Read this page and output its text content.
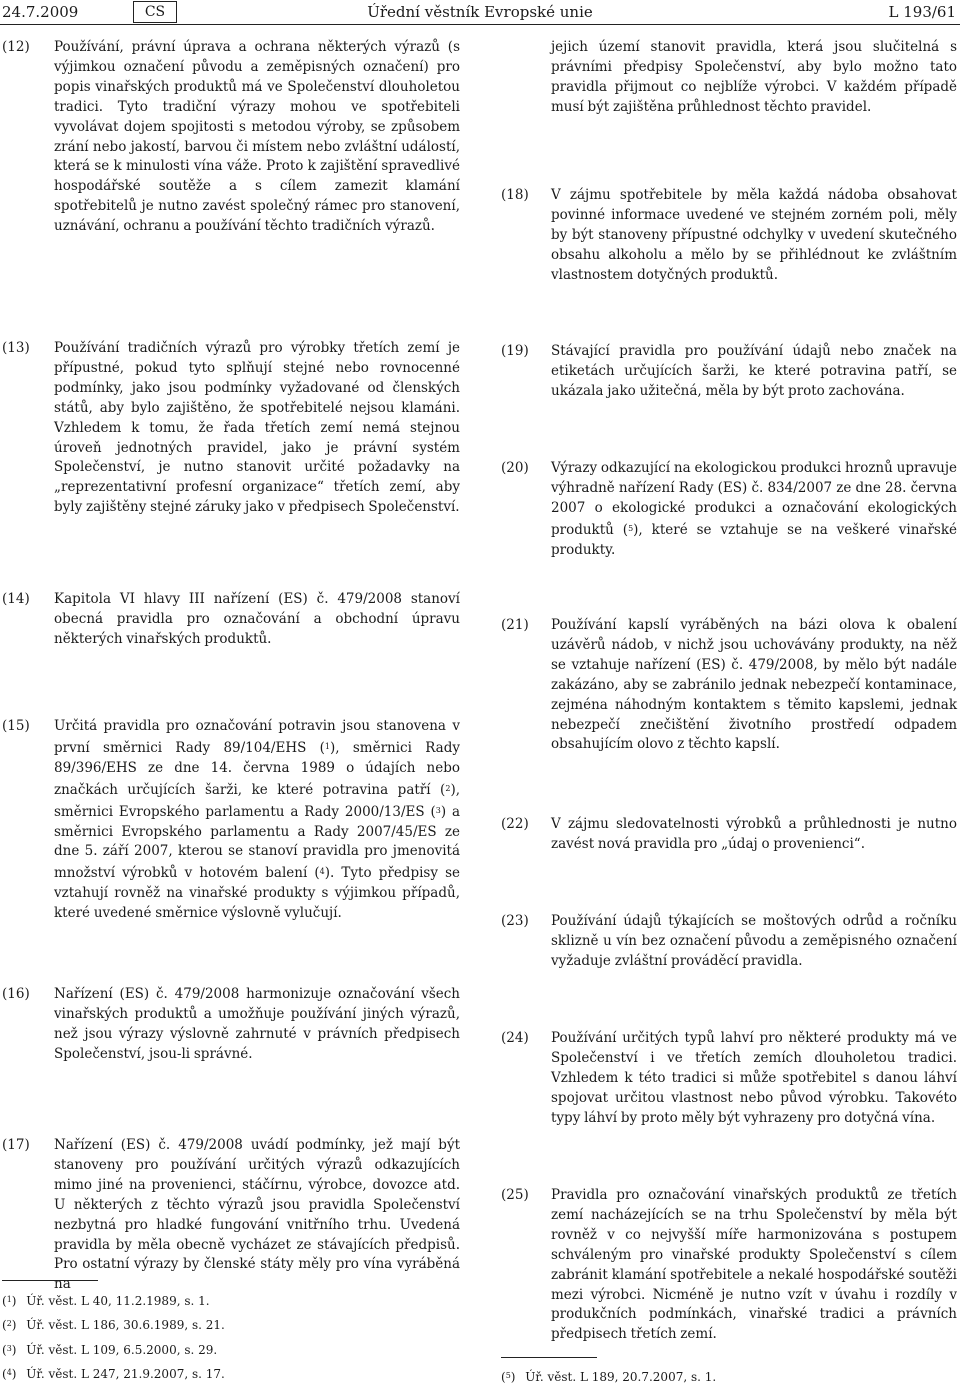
24.7.2009	CS	Úřední věstník Evropské unie	L 193/61
(12) Používání, právní úprava a ochrana některých výrazů (s výjimkou označení původu a zeměpisných označení) pro popis vinařských produktů má ve Společenství dlouholetou tradici. Tyto tradiční výrazy mohou ve spotřebiteli vyvolávat dojem spojitosti s metodou výroby, se způsobem zrání nebo jakostí, barvou či místem nebo zvláštní událostí, která se k minulosti vína váže. Proto k zajištění spravedlivé hospodářské soutěže a s cílem zamezit klamání spotřebitelů je nutno zavést společný rámec pro stanovení, uznávání, ochranu a používání těchto tradičních výrazů.
(13) Používání tradičních výrazů pro výrobky třetích zemí je přípustné, pokud tyto splňují stejné nebo rovnocenné podmínky, jako jsou podmínky vyžadované od členských států, aby bylo zajištěno, že spotřebitelé nejsou klamáni. Vzhledem k tomu, že řada třetích zemí nemá stejnou úroveň jednotných pravidel, jako je právní systém Společenství, je nutno stanovit určité požadavky na „reprezentativní profesní organizace“ třetích zemí, aby byly zajištěny stejné záruky jako v předpisech Společenství.
(14) Kapitola VI hlavy III nařízení (ES) č. 479/2008 stanoví obecná pravidla pro označování a obchodní úpravu některých vinařských produktů.
(15) Určitá pravidla pro označování potravin jsou stanovena v první směrnici Rady 89/104/EHS ($^1$), směrnici Rady 89/396/EHS ze dne 14. června 1989 o údajích nebo značkách určujících šarži, ke které potravina patří ($^2$), směrnici Evropského parlamentu a Rady 2000/13/ES ($^3$) a směrnici Evropského parlamentu a Rady 2007/45/ES ze dne 5. září 2007, kterou se stanoví pravidla pro jmenovitá množství výrobků v hotovém balení ($^4$). Tyto předpisy se vztahují rovněž na vinařské produkty s výjimkou případů, které uvedené směrnice výslovně vylučují.
(16) Nařízení (ES) č. 479/2008 harmonizuje označování všech vinařských produktů a umožňuje používání jiných výrazů, než jsou výrazy výslovně zahrnuté v právních předpisech Společenství, jsou-li správné.
(17) Nařízení (ES) č. 479/2008 uvádí podmínky, jež mají být stanoveny pro používání určitých výrazů odkazujících mimo jiné na provenienci, stáčírnu, výrobce, dovozce atd. U některých z těchto výrazů jsou pravidla Společenství nezbytná pro hladké fungování vnitřního trhu. Uvedená pravidla by měla obecně vycházet ze stávajících předpisů. Pro ostatní výrazy by členské státy měly pro vína vyráběná na
($^1$) Úř. věst. L 40, 11.2.1989, s. 1.
($^2$) Úř. věst. L 186, 30.6.1989, s. 21.
($^3$) Úř. věst. L 109, 6.5.2000, s. 29.
($^4$) Úř. věst. L 247, 21.9.2007, s. 17.
jejich území stanovit pravidla, která jsou slučitelná s právními předpisy Společenství, aby bylo možno tato pravidla přijmout co nejblíže výrobci. V každém případě musí být zajištěna průhlednost těchto pravidel.
(18) V zájmu spotřebitele by měla každá nádoba obsahovat povinné informace uvedené ve stejném zorném poli, měly by být stanoveny přípustné odchylky v uvedení skutečného obsahu alkoholu a mělo by se přihlédnout ke zvláštním vlastnostem dotyčných produktů.
(19) Stávající pravidla pro používání údajů nebo značek na etiketách určujících šarži, ke které potravina patří, se ukázala jako užitečná, měla by být proto zachována.
(20) Výrazy odkazující na ekologickou produkci hroznů upravuje výhradně nařízení Rady (ES) č. 834/2007 ze dne 28. června 2007 o ekologické produkci a označování ekologických produktů ($^5$), které se vztahuje se na veškeré vinařské produkty.
(21) Používání kapslí vyráběných na bázi olova k obalení uzávěrů nádob, v nichž jsou uchovávány produkty, na něž se vztahuje nařízení (ES) č. 479/2008, by mělo být nadále zakázáno, aby se zabránilo jednak nebezpečí kontaminace, zejména náhodným kontaktem s těmito kapslemi, jednak nebezpečí znečištění životního prostředí odpadem obsahujícím olovo z těchto kapslí.
(22) V zájmu sledovatelnosti výrobků a průhlednosti je nutno zavést nová pravidla pro „údaj o provenienci“.
(23) Používání údajů týkajících se moštových odrůd a ročníku sklizně u vín bez označení původu a zeměpisného označení vyžaduje zvláštní prováděcí pravidla.
(24) Používání určitých typů lahví pro některé produkty má ve Společenství i ve třetích zemích dlouholetou tradici. Vzhledem k této tradici si může spotřebitel s danou láhví spojovat určitou vlastnost nebo původ výrobku. Takovéto typy láhví by proto měly být vyhrazeny pro dotyčná vína.
(25) Pravidla pro označování vinařských produktů ze třetích zemí nacházejících se na trhu Společenství by měla být rovněž v co nejvyšší míře harmonizována s postupem schváleným pro vinařské produkty Společenství s cílem zabránit klamání spotřebitele a nekalé hospodářské soutěži mezi výrobci. Nicméně je nutno vzít v úvahu i rozdíly v produkčních podmínkách, vinařské tradici a právních předpisech třetích zemí.
($^5$) Úř. věst. L 189, 20.7.2007, s. 1.
